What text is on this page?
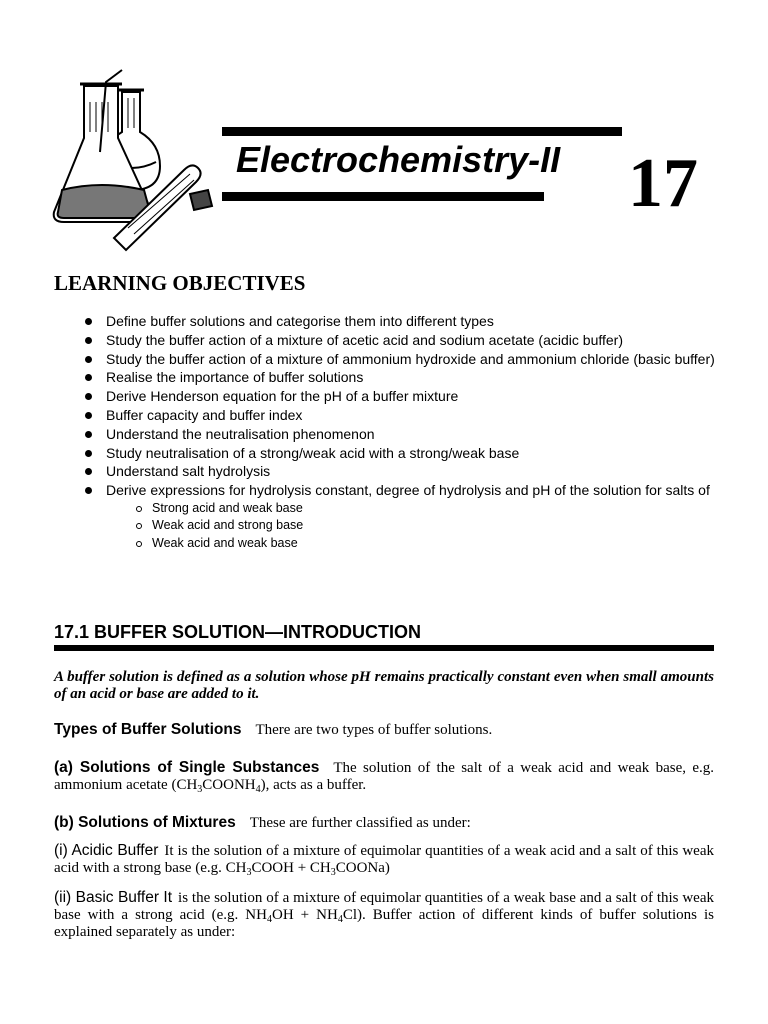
Electrochemistry-II 17
LEARNING OBJECTIVES
Define buffer solutions and categorise them into different types
Study the buffer action of a mixture of acetic acid and sodium acetate (acidic buffer)
Study the buffer action of a mixture of ammonium hydroxide and ammonium chloride (basic buffer)
Realise the importance of buffer solutions
Derive Henderson equation for the pH of a buffer mixture
Buffer capacity and buffer index
Understand the neutralisation phenomenon
Study neutralisation of a strong/weak acid with a strong/weak base
Understand salt hydrolysis
Derive expressions for hydrolysis constant, degree of hydrolysis and pH of the solution for salts of
Strong acid and weak base
Weak acid and strong base
Weak acid and weak base
17.1 BUFFER SOLUTION—INTRODUCTION

A buffer solution is defined as a solution whose pH remains practically constant even when small amounts of an acid or base are added to it.

Types of Buffer Solutions There are two types of buffer solutions.

(a) Solutions of Single Substances The solution of the salt of a weak acid and weak base, e.g. ammonium acetate $(CH_3COONH_4)$, acts as a buffer.

(b) Solutions of Mixtures These are further classified as under:

(i) Acidic Buffer It is the solution of a mixture of equimolar quantities of a weak acid and a salt of this weak acid with a strong base (e.g. $CH_3COOH$ + $CH_3COONa$)

(ii) Basic Buffer It is the solution of a mixture of equimolar quantities of a weak base and a salt of this weak base with a strong acid (e.g. $NH_4OH + NH_4Cl$). Buffer action of different kinds of buffer solutions is explained separately as under:
